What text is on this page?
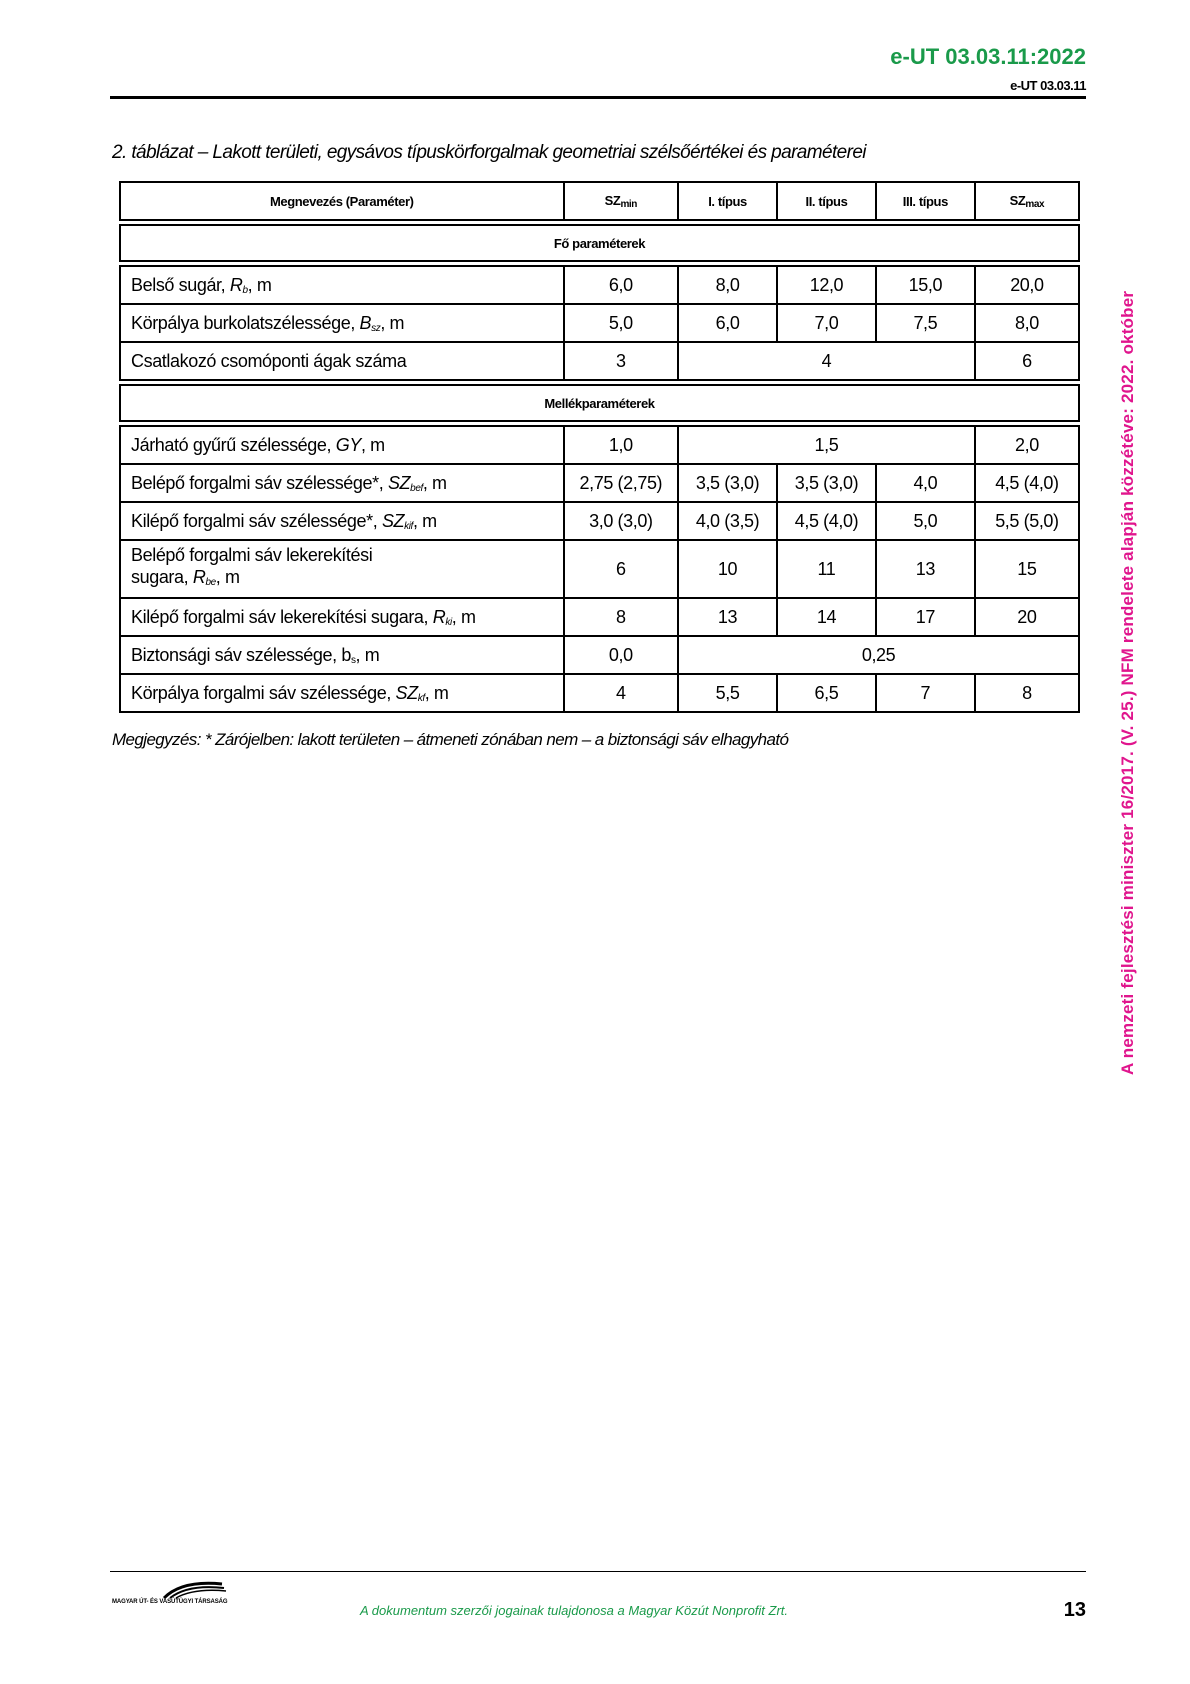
e-UT 03.03.11:2022
e-UT 03.03.11
2. táblázat – Lakott területi, egysávos típuskörforgalmak geometriai szélsőértékei és paraméterei
Megnevezés (Paraméter)	$SZ_{min}$	I. típus	II. típus	III. típus	$SZ_{max}$

Fő paraméterek					

Belső sugár, $R_b$, m	6,0	8,0	12,0	15,0	20,0
Körpálya burkolatszélessége, $B_{sz}$, m	5,0	6,0	7,0	7,5	8,0
Csatlakozó csomóponti ágak száma	3	4			6

Mellékparaméterek					

Járható gyűrű szélessége, GY, m	1,0	1,5			2,0
Belépő forgalmi sáv szélessége*, $SZ_{bef}$, m	2,75 (2,75)	3,5 (3,0)	3,5 (3,0)	4,0	4,5 (4,0)
Kilépő forgalmi sáv szélessége*, $SZ_{kif}$, m	3,0 (3,0)	4,0 (3,5)	4,5 (4,0)	5,0	5,5 (5,0)
Belépő forgalmi sáv lekerekítési
sugara, $R_{be}$, m	6	10	11	13	15
Kilépő forgalmi sáv lekerekítési sugara, $R_{ki}$, m	8	13	14	17	20
Biztonsági sáv szélessége, $b_s$, m	0,0	0,25			
Körpálya forgalmi sáv szélessége, $SZ_{kf}$, m	4	5,5	6,5	7	8
Megjegyzés: * Zárójelben: lakott területen – átmeneti zónában nem – a biztonsági sáv elhagyható	A nemzeti fejlesztési miniszter 16/2017. (V. 25.) NFM rendelete alapján közzétéve: 2022. október
MAGYAR ÚT- ÉS VASÚTÜGYI TÁRSASÁG
A dokumentum szerzői jogainak tulajdonosa a Magyar Közút Nonprofit Zrt.	13
